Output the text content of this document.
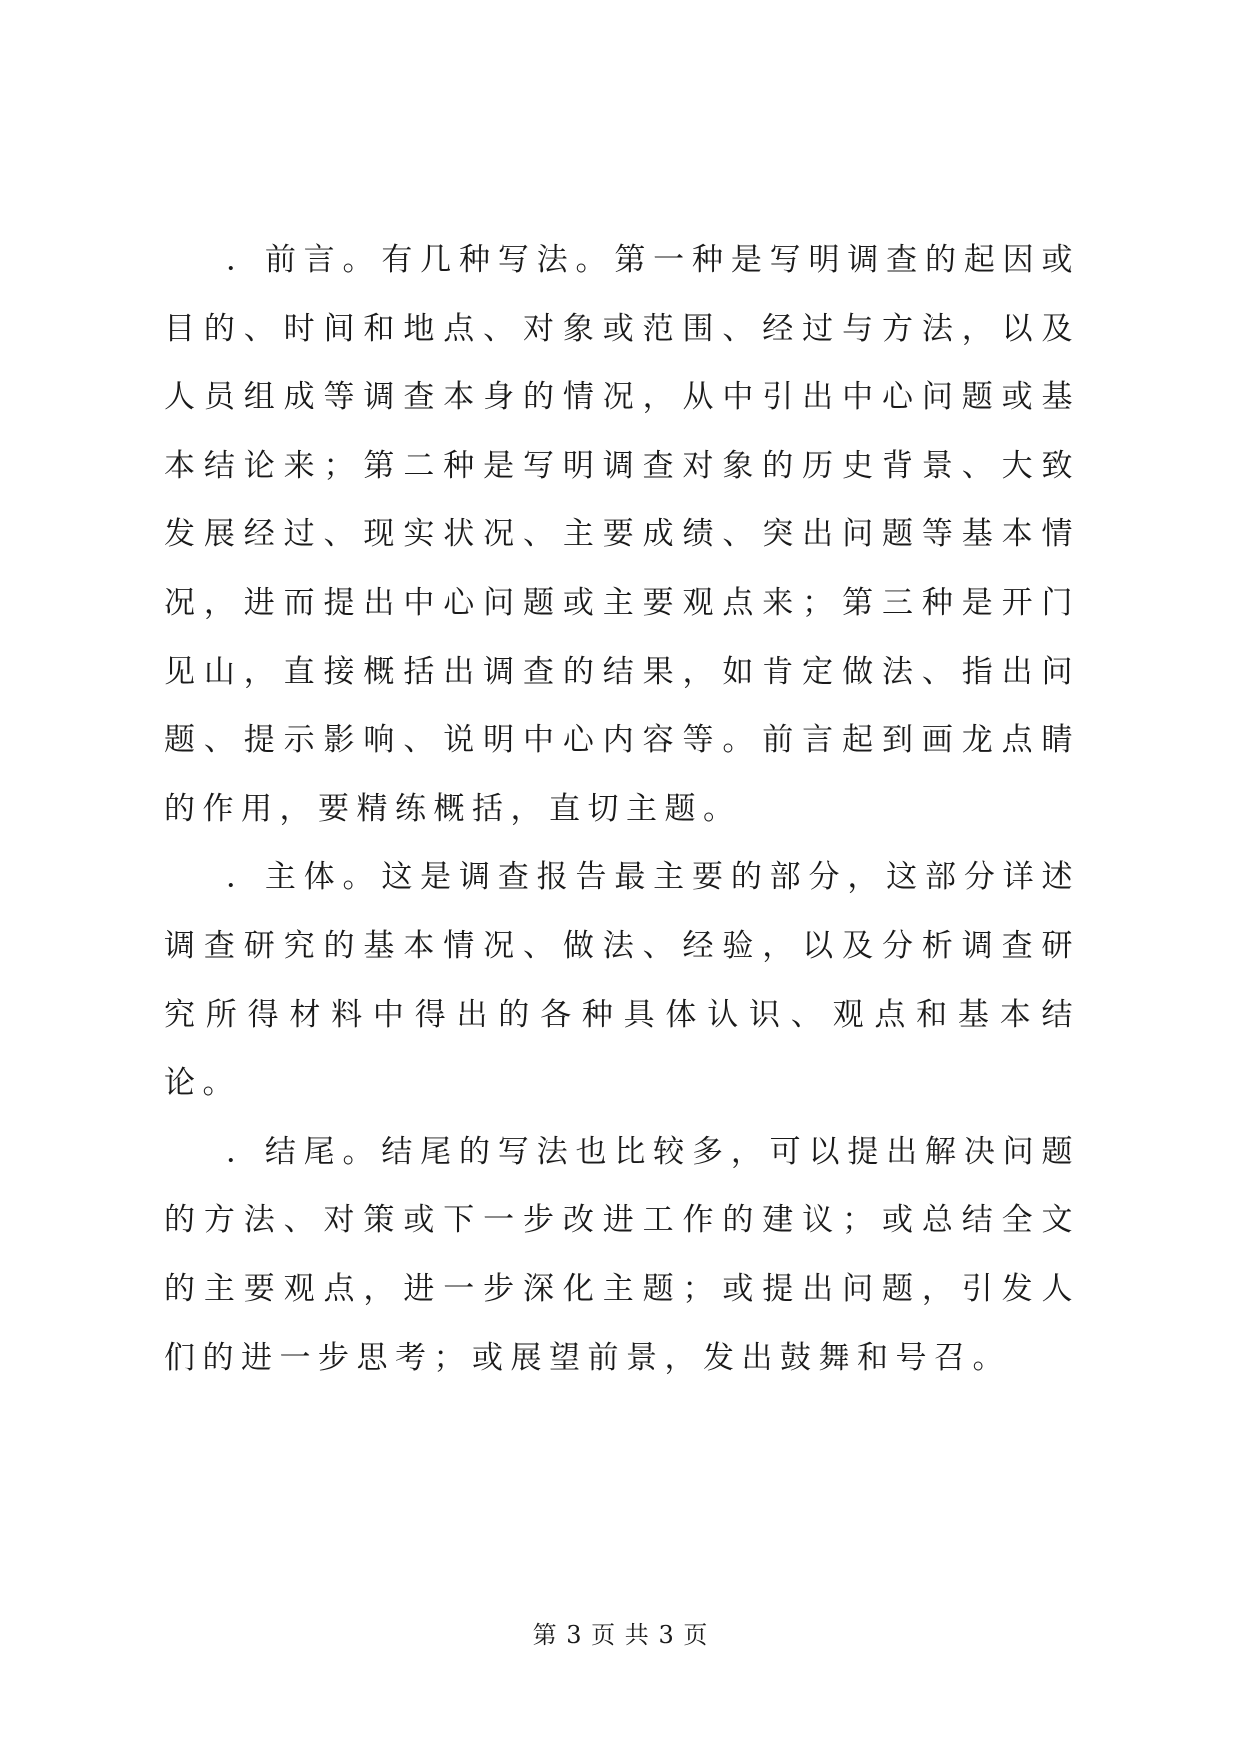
．前言。有几种写法。第一种是写明调查的起因或目的、时间和地点、对象或范围、经过与方法，以及人员组成等调查本身的情况，从中引出中心问题或基本结论来；第二种是写明调查对象的历史背景、大致发展经过、现实状况、主要成绩、突出问题等基本情况，进而提出中心问题或主要观点来；第三种是开门见山，直接概括出调查的结果，如肯定做法、指出问题、提示影响、说明中心内容等。前言起到画龙点睛的作用，要精练概括，直切主题。

．主体。这是调查报告最主要的部分，这部分详述调查研究的基本情况、做法、经验，以及分析调查研究所得材料中得出的各种具体认识、观点和基本结论。

．结尾。结尾的写法也比较多，可以提出解决问题的方法、对策或下一步改进工作的建议；或总结全文的主要观点，进一步深化主题；或提出问题，引发人们的进一步思考；或展望前景，发出鼓舞和号召。

第 3 页 共 3 页
